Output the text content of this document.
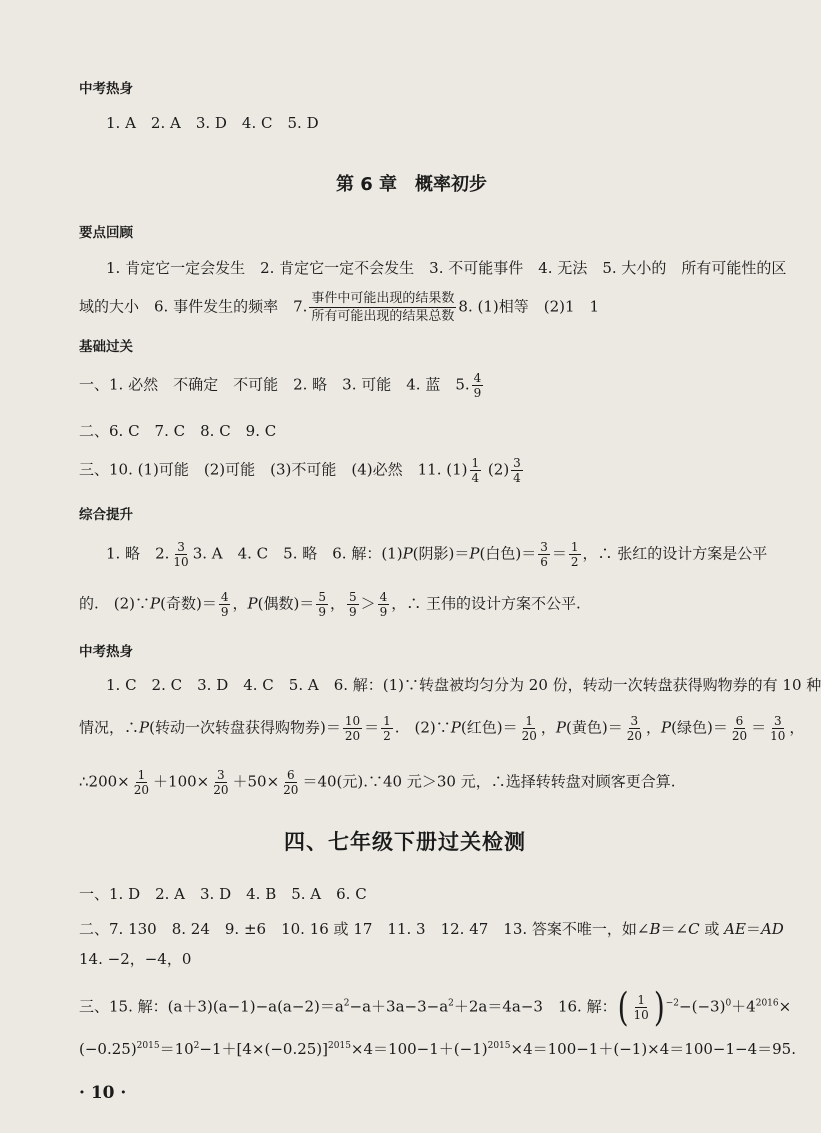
中考热身
1. A　2. A　3. D　4. C　5. D
第 6 章　概率初步
要点回顾
1. 肯定它一定会发生　2. 肯定它一定不会发生　3. 不可能事件　4. 无法　5. 大小的　所有可能性的区
域的大小　6. 事件发生的频率　7. 事件中可能出现的结果数
所有可能出现的结果总数
8. (1)相等　(2)1　1
基础过关
一、1. 必然　不确定　不可能　2. 略　3. 可能　4. 蓝　5. $\frac{4}{9}$
二、6. C　7. C　8. C　9. C
三、10. (1)可能　(2)可能　(3)不可能　(4)必然　11. $(1) \frac{1}{4} (2) \frac{3}{4}$
综合提升
1. 略　2. $\frac{3}{10} 3$. A　4. C　5. 略　6. 解：(1)P(阴影)＝P(白色)＝ $\frac{3}{6} = \frac{1}{2}$ ，∴ 张红的设计方案是公平
的.　(2)∵P(奇数)＝ $\frac{4}{9}$ ，P(偶数)＝ $\frac{5}{9}$ ， $\frac{5}{9} > \frac{4}{9}$ ，∴ 王伟的设计方案不公平.
中考热身
1. C　2. C　3. D　4. C　5. A　6. 解：(1)∵转盘被均匀分为 20 份，转动一次转盘获得购物券的有 10 种
情况，∴P(转动一次转盘获得购物券)＝ $\frac{10}{20} = \frac{1}{2}$ .　(2)∵P(红色)＝ $\frac{1}{20}$ ，P(黄色)＝ $\frac{3}{20}$ ，P(绿色)＝ $\frac{6}{20} = \frac{3}{10}$ ，
∴200× $\frac{1}{20} +100\times \frac{3}{20} +50\times \frac{6}{20} =40$(元).∵40 元＞30 元，∴选择转转盘对顾客更合算.
四、七年级下册过关检测
一、1. D　2. A　3. D　4. B　5. A　6. C
二、7. 130　8. 24　9. ±6　10. 16 或 17　11. 3　12. 47　13. 答案不唯一，如∠B＝∠C 或 AE＝AD
14. −2，−4，0
三、15. 解：$(a+3)(a-1)-a(a-2)=a^2-a+3a-3-a^2+2a=4a-3$　16. 解：( $\frac{1}{10} )^{-2}-(-3)^0+4^{2016}\times$
$(-0.25)^{2015}=10^2-1+[4\times(-0.25)]^{2015}\times 4=100-1+(-1)^{2015}\times 4=100-1+(-1)\times 4=100-1-4=95$.
· 10 ·
